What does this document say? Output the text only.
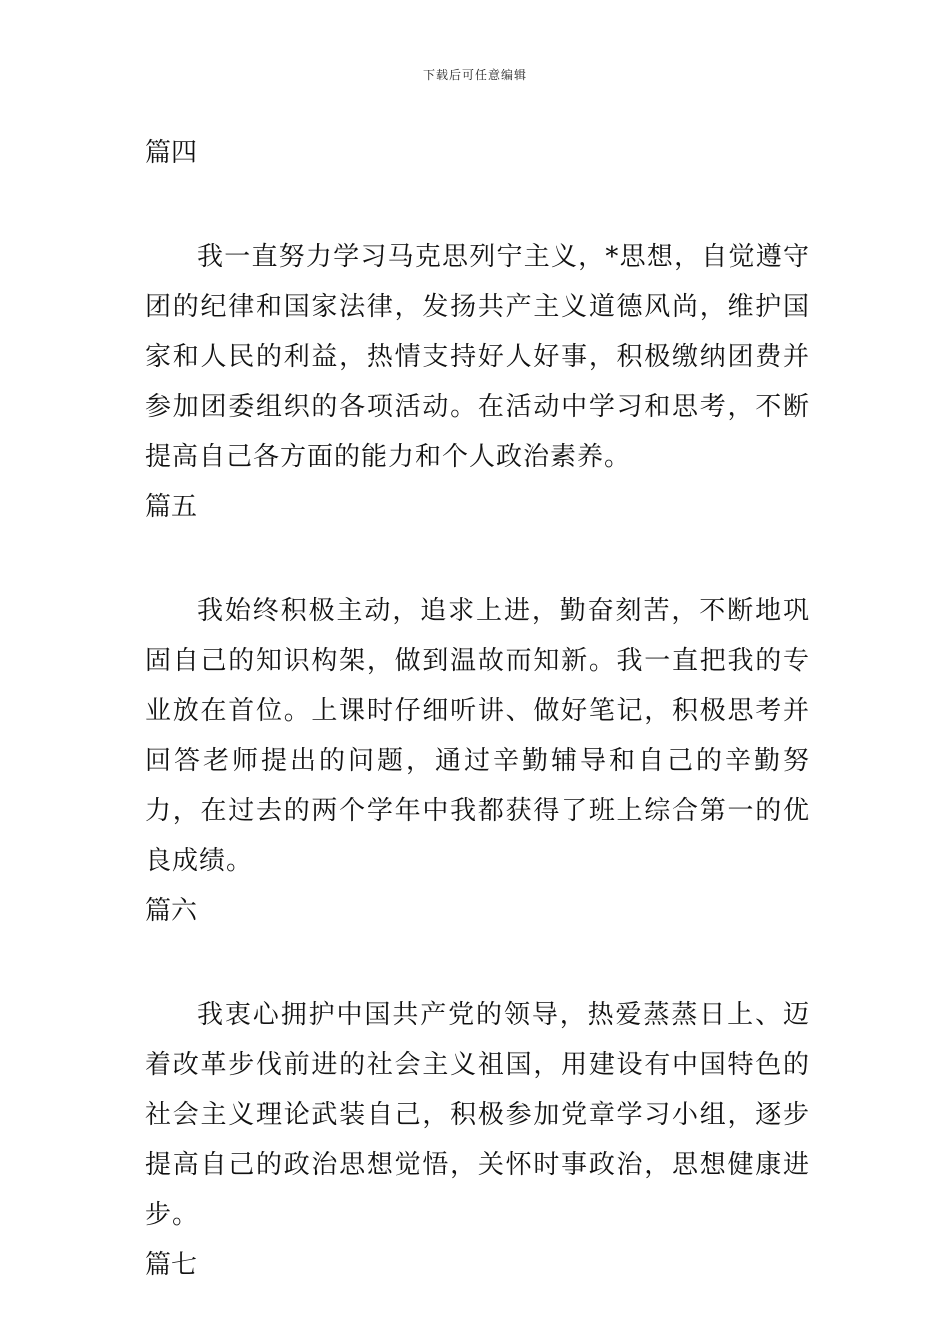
下载后可任意编辑
篇四

我一直努力学习马克思列宁主义，*思想，自觉遵守团的纪律和国家法律，发扬共产主义道德风尚，维护国家和人民的利益，热情支持好人好事，积极缴纳团费并参加团委组织的各项活动。在活动中学习和思考，不断提高自己各方面的能力和个人政治素养。

篇五

我始终积极主动，追求上进，勤奋刻苦，不断地巩固自己的知识构架，做到温故而知新。我一直把我的专业放在首位。上课时仔细听讲、做好笔记，积极思考并回答老师提出的问题，通过辛勤辅导和自己的辛勤努力，在过去的两个学年中我都获得了班上综合第一的优良成绩。

篇六

我衷心拥护中国共产党的领导，热爱蒸蒸日上、迈着改革步伐前进的社会主义祖国，用建设有中国特色的社会主义理论武装自己，积极参加党章学习小组，逐步提高自己的政治思想觉悟，关怀时事政治，思想健康进步。

篇七
